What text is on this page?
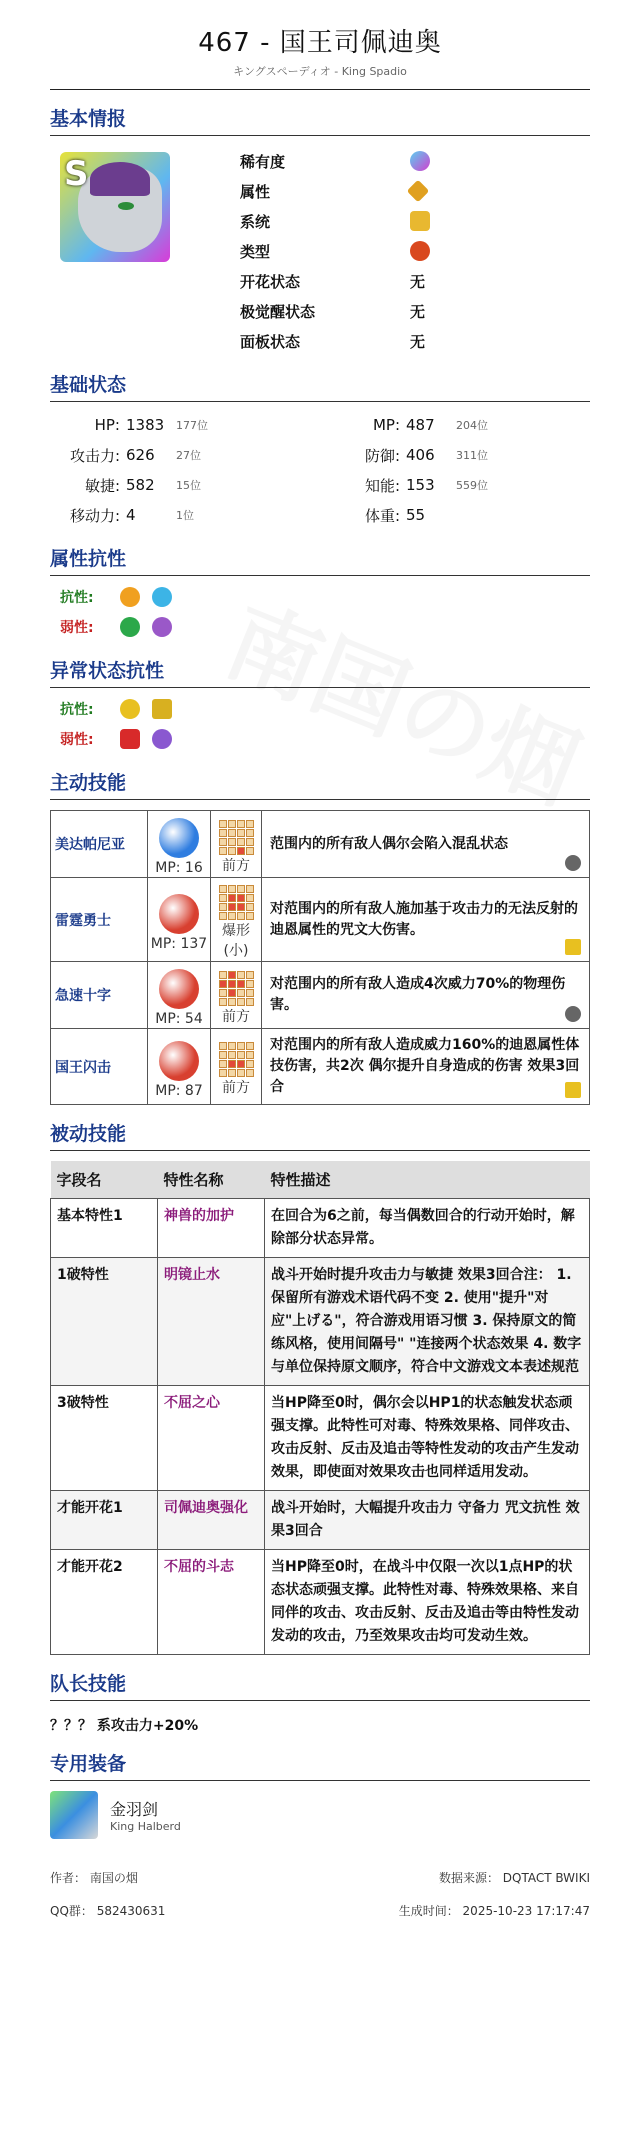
467 - 国王司佩迪奥
キングスペーディオ - King Spadio
基本情报
S	稀有度
属性
系统
类型
开花状态	无
极觉醒状态	无
面板状态	无
基础状态
HP: 1383	177位	MP: 487	204位
攻击力: 626	27位	防御: 406	311位
敏捷: 582	15位	知能: 153	559位
移动力: 4	1位	体重: 55
属性抗性
抗性:
弱性:
异常状态抗性
抗性:
弱性:
主动技能
美达帕尼亚	MP: 16	前方	范围内的所有敌人偶尔会陷入混乱状态

雷霆勇士	MP: 137	爆形(小)	对范围内的所有敌人施加基于攻击力的无法反射的迪恩属性的咒文大伤害。

急速十字	MP: 54	前方	对范围内的所有敌人造成4次威力70%的物理伤害。

国王闪击	MP: 87	前方	对范围内的所有敌人造成威力160%的迪恩属性体技伤害，共2次 偶尔提升自身造成的伤害 效果3回合
被动技能
字段名	特性名称	特性描述
基本特性1	神兽的加护	在回合为6之前，每当偶数回合的行动开始时，解除部分状态异常。
1破特性	明镜止水	战斗开始时提升攻击力与敏捷 效果3回合注： 1. 保留所有游戏术语代码不变 2. 使用"提升"对应"上げる"，符合游戏用语习惯 3. 保持原文的简练风格，使用间隔号" "连接两个状态效果 4. 数字与单位保持原文顺序，符合中文游戏文本表述规范
3破特性	不屈之心	当HP降至0时，偶尔会以HP1的状态触发状态顽强支撑。此特性可对毒、特殊效果格、同伴攻击、攻击反射、反击及追击等特性发动的攻击产生发动效果，即使面对效果攻击也同样适用发动。
才能开花1	司佩迪奥强化	战斗开始时，大幅提升攻击力 守备力 咒文抗性 效果3回合
才能开花2	不屈的斗志	当HP降至0时，在战斗中仅限一次以1点HP的状态状态顽强支撑。此特性对毒、特殊效果格、来自同伴的攻击、攻击反射、反击及追击等由特性发动发动的攻击，乃至效果攻击均可发动生效。
队长技能
？？？ 系攻击力+20%
专用装备
金羽剑
King Halberd
作者： 南国の烟	数据来源： DQTACT BWIKI
QQ群： 582430631	生成时间： 2025-10-23 17:17:47
